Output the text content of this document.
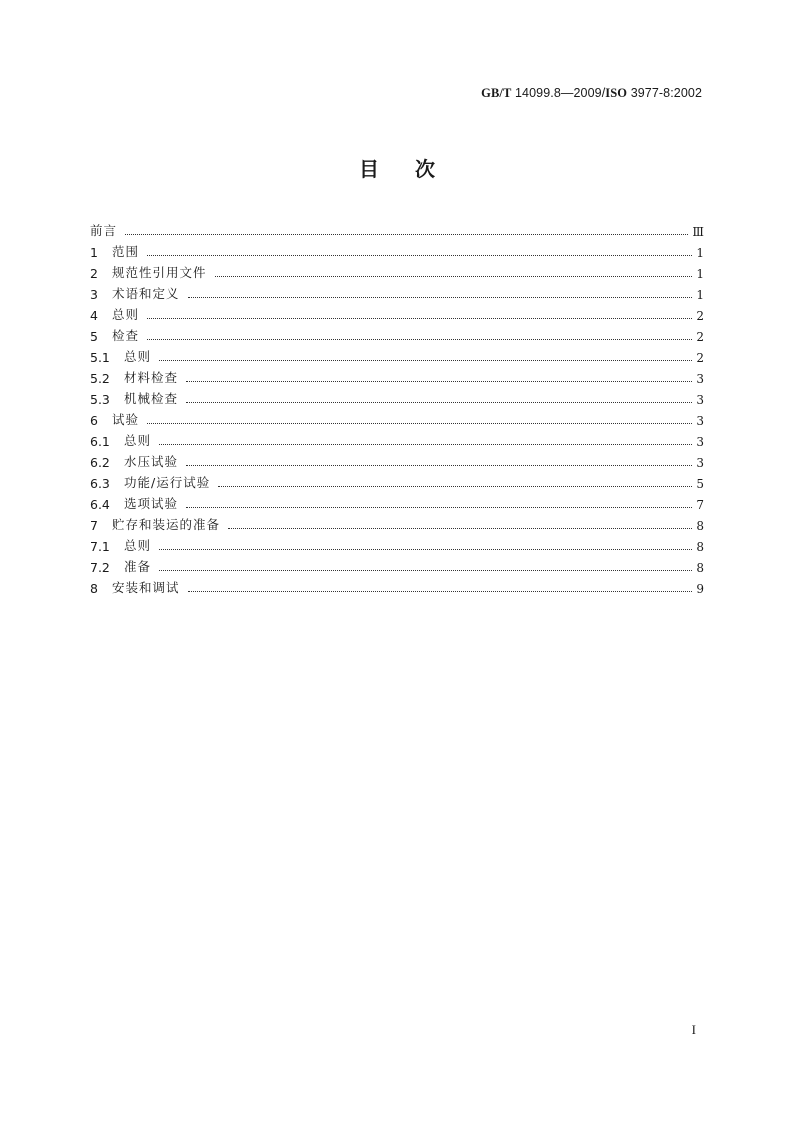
GB/T 14099.8—2009/ISO 3977-8:2002
目次
前言	Ⅲ
1 范围	1
2 规范性引用文件	1
3 术语和定义	1
4 总则	2
5 检查	2
5.1 总则	2
5.2 材料检查	3
5.3 机械检查	3
6 试验	3
6.1 总则	3
6.2 水压试验	3
6.3 功能/运行试验	5
6.4 选项试验	7
7 贮存和装运的准备	8
7.1 总则	8
7.2 准备	8
8 安装和调试	9
I
